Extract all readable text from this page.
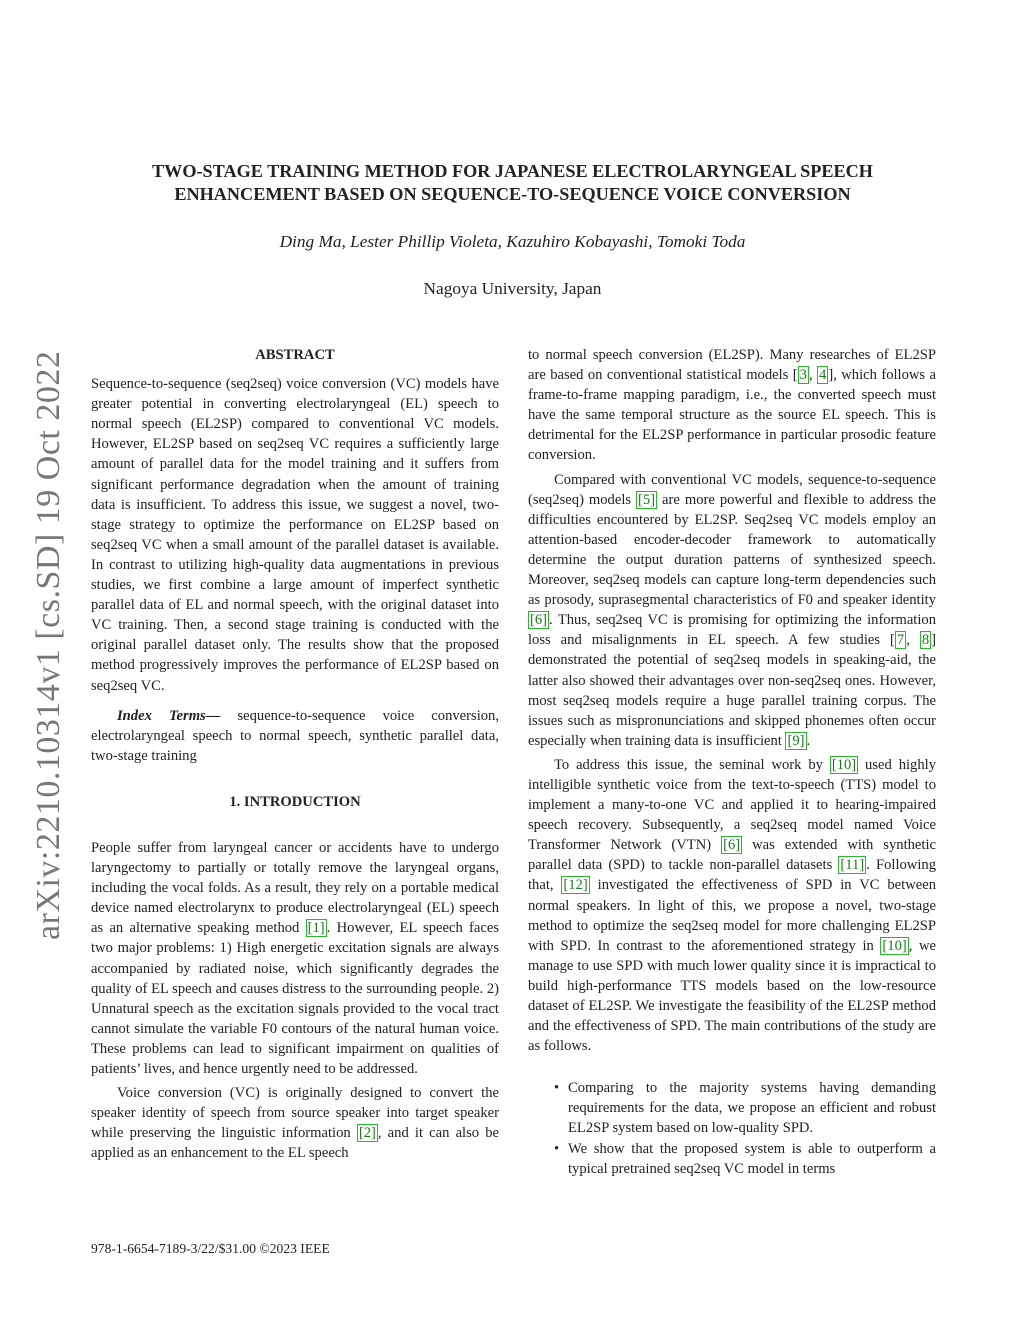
arXiv:2210.10314v1 [cs.SD] 19 Oct 2022
TWO-STAGE TRAINING METHOD FOR JAPANESE ELECTROLARYNGEAL SPEECH ENHANCEMENT BASED ON SEQUENCE-TO-SEQUENCE VOICE CONVERSION
Ding Ma, Lester Phillip Violeta, Kazuhiro Kobayashi, Tomoki Toda
Nagoya University, Japan
ABSTRACT

Sequence-to-sequence (seq2seq) voice conversion (VC) models have greater potential in converting electrolaryngeal (EL) speech to normal speech (EL2SP) compared to conventional VC models. However, EL2SP based on seq2seq VC requires a sufficiently large amount of parallel data for the model training and it suffers from significant performance degradation when the amount of training data is insufficient. To address this issue, we suggest a novel, two-stage strategy to optimize the performance on EL2SP based on seq2seq VC when a small amount of the parallel dataset is available. In contrast to utilizing high-quality data augmentations in previous studies, we first combine a large amount of imperfect synthetic parallel data of EL and normal speech, with the original dataset into VC training. Then, a second stage training is conducted with the original parallel dataset only. The results show that the proposed method progressively improves the performance of EL2SP based on seq2seq VC.

Index Terms— sequence-to-sequence voice conversion, electrolaryngeal speech to normal speech, synthetic parallel data, two-stage training

1. INTRODUCTION

People suffer from laryngeal cancer or accidents have to undergo laryngectomy to partially or totally remove the laryngeal organs, including the vocal folds. As a result, they rely on a portable medical device named electrolarynx to produce electrolaryngeal (EL) speech as an alternative speaking method [1] . However, EL speech faces two major problems: 1) High energetic excitation signals are always accompanied by radiated noise, which significantly degrades the quality of EL speech and causes distress to the surrounding people. 2) Unnatural speech as the excitation signals provided to the vocal tract cannot simulate the variable F0 contours of the natural human voice. These problems can lead to significant impairment on qualities of patients’ lives, and hence urgently need to be addressed.

Voice conversion (VC) is originally designed to convert the speaker identity of speech from source speaker into target speaker while preserving the linguistic information [2] , and it can also be applied as an enhancement to the EL speech

to normal speech conversion (EL2SP). Many researches of EL2SP are based on conventional statistical models [ 3 , 4 ], which follows a frame-to-frame mapping paradigm, i.e., the converted speech must have the same temporal structure as the source EL speech. This is detrimental for the EL2SP performance in particular prosodic feature conversion.

Compared with conventional VC models, sequence-to-sequence (seq2seq) models [5] are more powerful and flexible to address the difficulties encountered by EL2SP. Seq2seq VC models employ an attention-based encoder-decoder framework to automatically determine the output duration patterns of synthesized speech. Moreover, seq2seq models can capture long-term dependencies such as prosody, suprasegmental characteristics of F0 and speaker identity [6] . Thus, seq2seq VC is promising for optimizing the information loss and misalignments in EL speech. A few studies [ 7 , 8 ] demonstrated the potential of seq2seq models in speaking-aid, the latter also showed their advantages over non-seq2seq ones. However, most seq2seq models require a huge parallel training corpus. The issues such as mispronunciations and skipped phonemes often occur especially when training data is insufficient [9] .

To address this issue, the seminal work by [10] used highly intelligible synthetic voice from the text-to-speech (TTS) model to implement a many-to-one VC and applied it to hearing-impaired speech recovery. Subsequently, a seq2seq model named Voice Transformer Network (VTN) [6] was extended with synthetic parallel data (SPD) to tackle non-parallel datasets [11] . Following that, [12] investigated the effectiveness of SPD in VC between normal speakers. In light of this, we propose a novel, two-stage method to optimize the seq2seq model for more challenging EL2SP with SPD. In contrast to the aforementioned strategy in [10] , we manage to use SPD with much lower quality since it is impractical to build high-performance TTS models based on the low-resource dataset of EL2SP. We investigate the feasibility of the EL2SP method and the effectiveness of SPD. The main contributions of the study are as follows.

• Comparing to the majority systems having demanding requirements for the data, we propose an efficient and robust EL2SP system based on low-quality SPD.
• We show that the proposed system is able to outperform a typical pretrained seq2seq VC model in terms
978-1-6654-7189-3/22/$31.00 ©2023 IEEE
